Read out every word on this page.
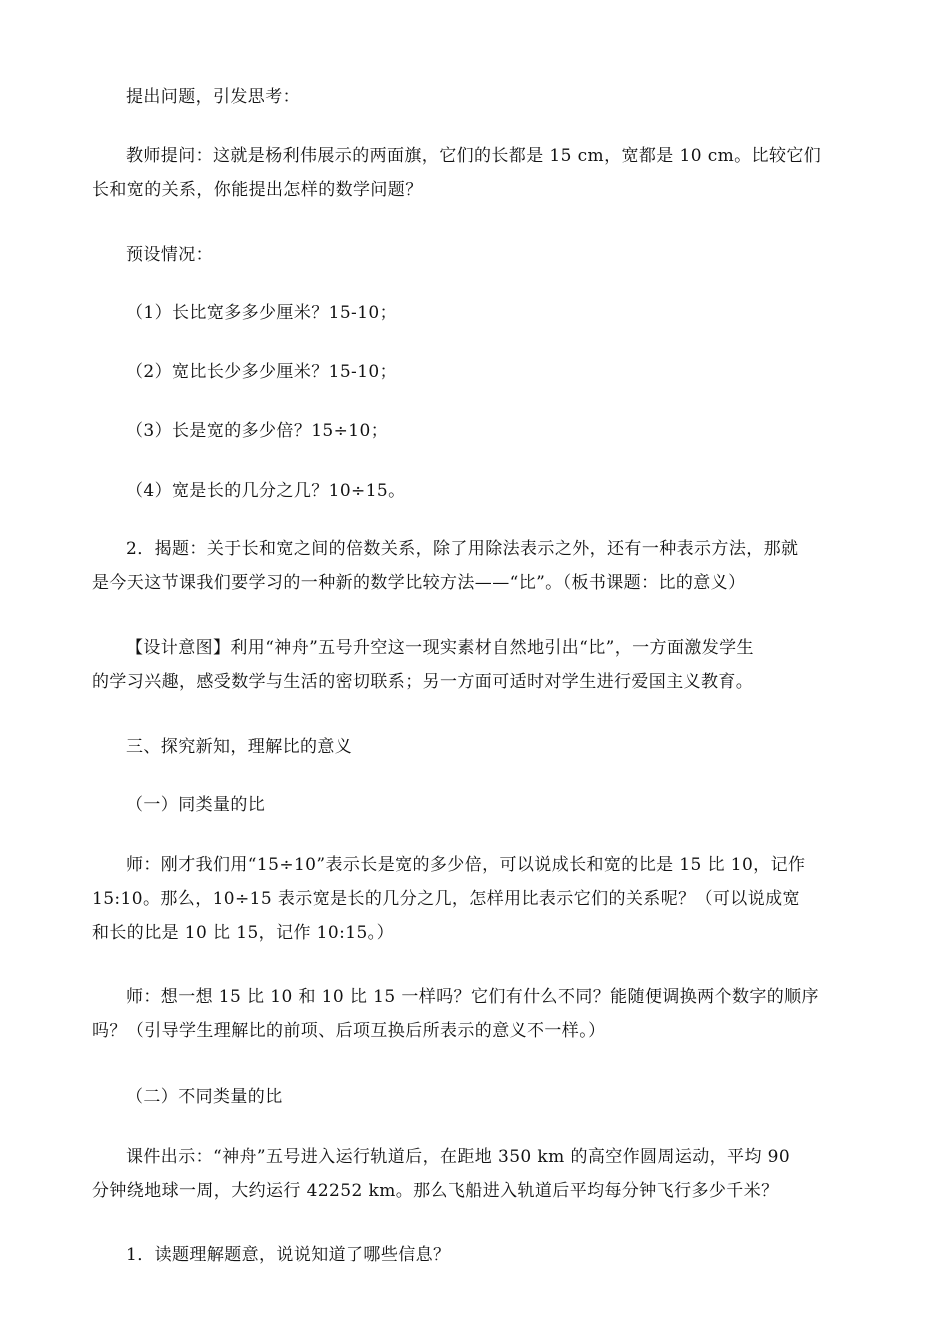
提出问题，引发思考：
教师提问：这就是杨利伟展示的两面旗，它们的长都是 15 cm，宽都是 10 cm。比较它们
长和宽的关系，你能提出怎样的数学问题？
预设情况：
（1）长比宽多多少厘米？15-10；
（2）宽比长少多少厘米？15-10；
（3）长是宽的多少倍？15÷10；
（4）宽是长的几分之几？10÷15。
2．揭题：关于长和宽之间的倍数关系，除了用除法表示之外，还有一种表示方法，那就
是今天这节课我们要学习的一种新的数学比较方法——“比”。（板书课题：比的意义）
【设计意图】利用“神舟”五号升空这一现实素材自然地引出“比”，一方面激发学生
的学习兴趣，感受数学与生活的密切联系；另一方面可适时对学生进行爱国主义教育。
三、探究新知，理解比的意义
（一）同类量的比
师：刚才我们用“15÷10”表示长是宽的多少倍，可以说成长和宽的比是 15 比 10，记作
15:10。那么，10÷15 表示宽是长的几分之几，怎样用比表示它们的关系呢？（可以说成宽
和长的比是 10 比 15，记作 10:15。）
师：想一想 15 比 10 和 10 比 15 一样吗？它们有什么不同？能随便调换两个数字的顺序
吗？（引导学生理解比的前项、后项互换后所表示的意义不一样。）
（二）不同类量的比
课件出示：“神舟”五号进入运行轨道后，在距地 350 km 的高空作圆周运动，平均 90
分钟绕地球一周，大约运行 42252 km。那么飞船进入轨道后平均每分钟飞行多少千米？
1．读题理解题意，说说知道了哪些信息？
